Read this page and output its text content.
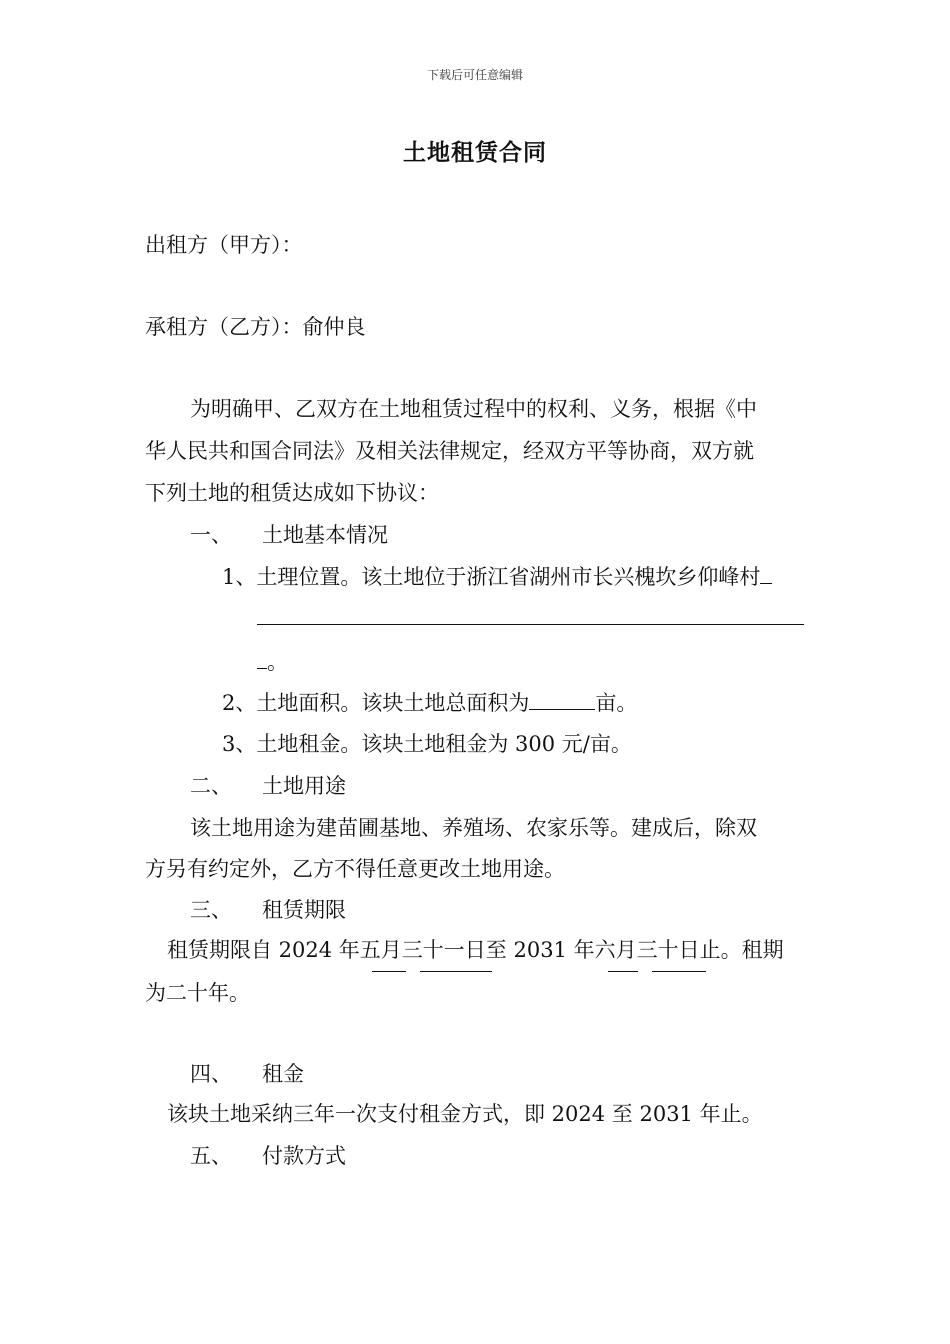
下载后可任意编辑
土地租赁合同
出租方（甲方）：
承租方（乙方）：俞仲良
为明确甲、乙双方在土地租赁过程中的权利、义务，根据《中
华人民共和国合同法》及相关法律规定，经双方平等协商，双方就
下列土地的租赁达成如下协议：
一、 土地基本情况
1、土理位置。该土地位于浙江省湖州市长兴槐坎乡仰峰村
。
2、土地面积。该块土地总面积为	亩。
3、土地租金。该块土地租金为 300 元/亩。
二、 土地用途
该土地用途为建苗圃基地、养殖场、农家乐等。建成后，除双
方另有约定外，乙方不得任意更改土地用途。
三、 租赁期限
租赁期限自 2024 年五月三十一日至 2031 年六月三十日止。租期
为二十年。
四、 租金
该块土地采纳三年一次支付租金方式，即 2024 至 2031 年止。
五、 付款方式
